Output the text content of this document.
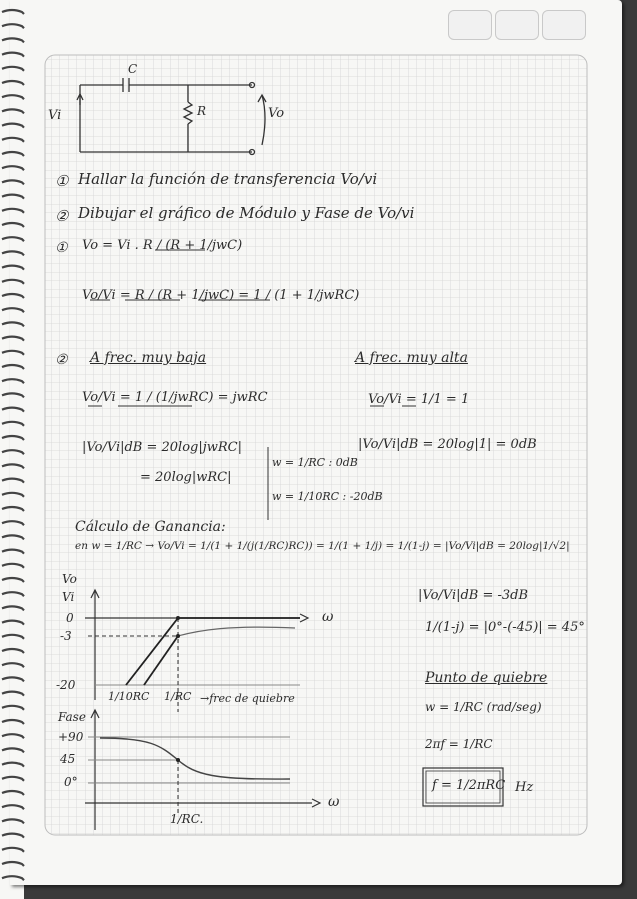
C
R
Vi	Vo
① Hallar la función de transferencia Vo/vi
② Dibujar el gráfico de Módulo y Fase de Vo/vi
① Vo = Vi . R / (R + 1/jwC)
Vo/Vi = R / (R + 1/jwC) = 1 / (1 + 1/jwRC)
② A frec. muy baja
Vo/Vi = 1 / (1/jwRC) = jwRC
|Vo/Vi|dB = 20log|jwRC|
= 20log|wRC|
w = 1/RC : 0dB
w = 1/10RC : -20dB
A frec. muy alta
Vo/Vi = 1/1 = 1
|Vo/Vi|dB = 20log|1| = 0dB
Cálculo de Ganancia:
en w = 1/RC → Vo/Vi = 1/(1 + 1/(j(1/RC)RC)) = 1/(1 + 1/j) = 1/(1-j) = |Vo/Vi|dB = 20log|1/√2|
|Vo/Vi|dB = -3dB
1/(1-j) = |0°-(-45)| = 45°
Punto de quiebre
w = 1/RC (rad/seg)
2πf = 1/RC
f = 1/2πRC Hz
Vo
Vi
0
-3
-20
ω
1/10RC 1/RC →frec de quiebre
Fase
+90
45
0°
ω
1/RC.
